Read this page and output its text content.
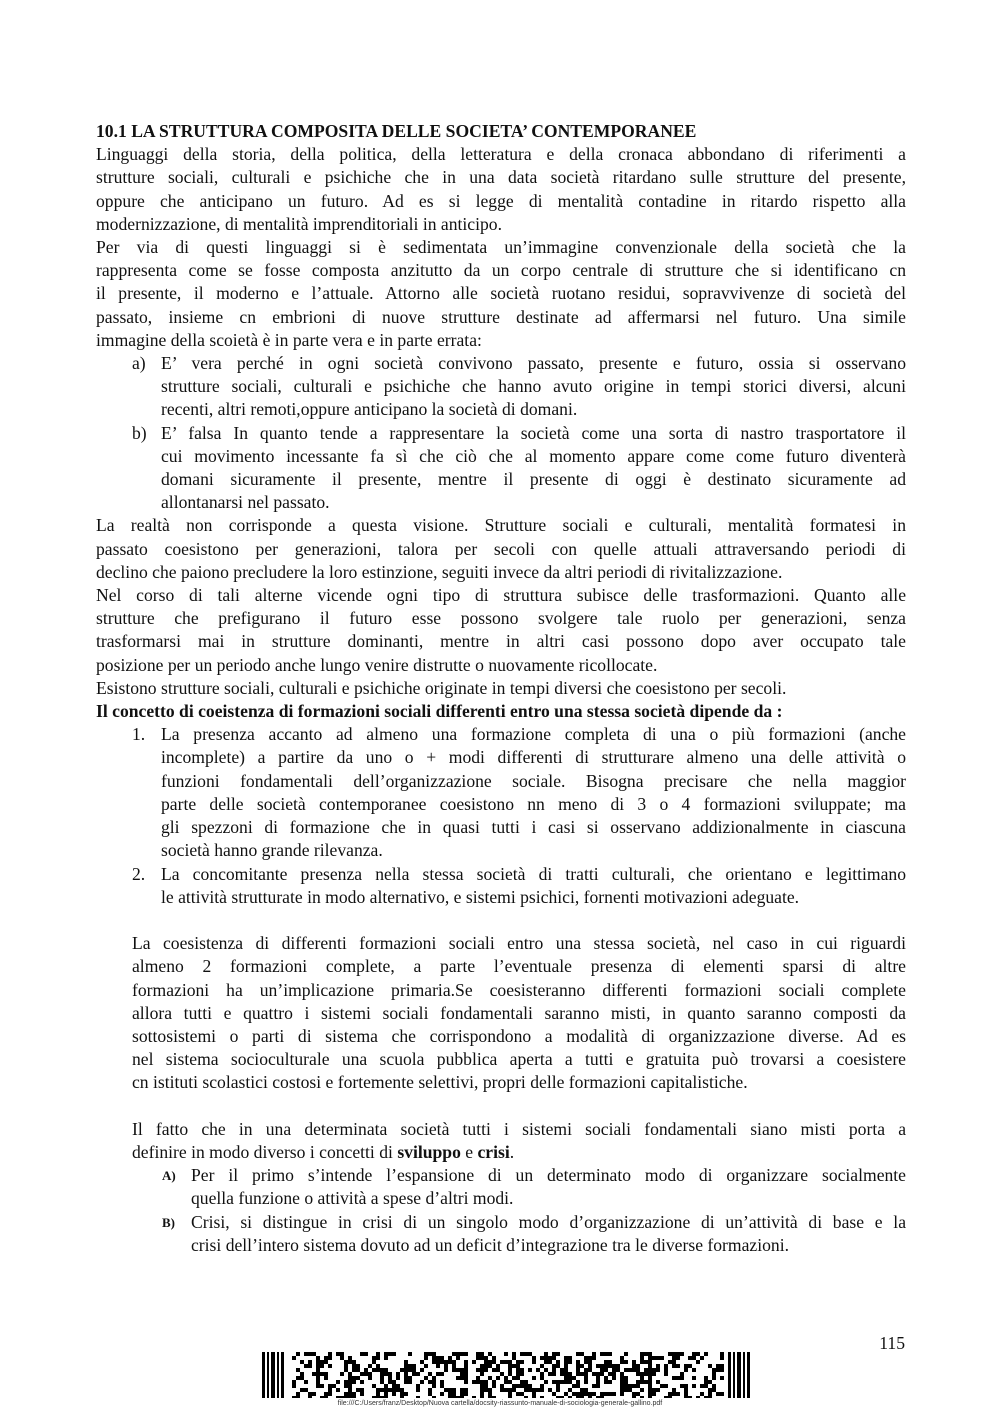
10.1 LA STRUTTURA COMPOSITA DELLE SOCIETA’ CONTEMPORANEE
Linguaggi della storia, della politica, della letteratura e della cronaca abbondano di riferimenti a
strutture sociali, culturali e psichiche che in una data società ritardano sulle strutture del presente,
oppure che anticipano un futuro. Ad es si legge di mentalità contadine in ritardo rispetto alla
modernizzazione, di mentalità imprenditoriali in anticipo.
Per via di questi linguaggi si è sedimentata un’immagine convenzionale della società che la
rappresenta come se fosse composta anzitutto da un corpo centrale di strutture che si identificano cn
il presente, il moderno e l’attuale. Attorno alle società ruotano residui, sopravvivenze di società del
passato, insieme cn embrioni di nuove strutture destinate ad affermarsi nel futuro. Una simile
immagine della scoietà è in parte vera e in parte errata:
a) E’ vera perché in ogni società convivono passato, presente e futuro, ossia si osservano
strutture sociali, culturali e psichiche che hanno avuto origine in tempi storici diversi, alcuni
recenti, altri remoti,oppure anticipano la società di domani.
b) E’ falsa In quanto tende a rappresentare la società come una sorta di nastro trasportatore il
cui movimento incessante fa sì che ciò che al momento appare come come futuro diventerà
domani sicuramente il presente, mentre il presente di oggi è destinato sicuramente ad
allontanarsi nel passato.
La realtà non corrisponde a questa visione. Strutture sociali e culturali, mentalità formatesi in
passato coesistono per generazioni, talora per secoli con quelle attuali attraversando periodi di
declino che paiono precludere la loro estinzione, seguiti invece da altri periodi di rivitalizzazione.
Nel corso di tali alterne vicende ogni tipo di struttura subisce delle trasformazioni. Quanto alle
strutture che prefigurano il futuro esse possono svolgere tale ruolo per generazioni, senza
trasformarsi mai in strutture dominanti, mentre in altri casi possono dopo aver occupato tale
posizione per un periodo anche lungo venire distrutte o nuovamente ricollocate.
Esistono strutture sociali, culturali e psichiche originate in tempi diversi che coesistono per secoli.
Il concetto di coeistenza di formazioni sociali differenti entro una stessa società dipende da :
1. La presenza accanto ad almeno una formazione completa di una o più formazioni (anche
incomplete) a partire da uno o + modi differenti di strutturare almeno una delle attività o
funzioni fondamentali dell’organizzazione sociale. Bisogna precisare che nella maggior
parte delle società contemporanee coesistono nn meno di 3 o 4 formazioni sviluppate; ma
gli spezzoni di formazione che in quasi tutti i casi si osservano addizionalmente in ciascuna
società hanno grande rilevanza.
2. La concomitante presenza nella stessa società di tratti culturali, che orientano e legittimano
le attività strutturate in modo alternativo, e sistemi psichici, fornenti motivazioni adeguate.
La coesistenza di differenti formazioni sociali entro una stessa società, nel caso in cui riguardi
almeno 2 formazioni complete, a parte l’eventuale presenza di elementi sparsi di altre
formazioni ha un’implicazione primaria.Se coesisteranno differenti formazioni sociali complete
allora tutti e quattro i sistemi sociali fondamentali saranno misti, in quanto saranno composti da
sottosistemi o parti di sistema che corrispondono a modalità di organizzazione diverse. Ad es
nel sistema socioculturale una scuola pubblica aperta a tutti e gratuita può trovarsi a coesistere
cn istituti scolastici costosi e fortemente selettivi, propri delle formazioni capitalistiche.
Il fatto che in una determinata società tutti i sistemi sociali fondamentali siano misti porta a
definire in modo diverso i concetti di sviluppo e crisi.
A) Per il primo s’intende l’espansione di un determinato modo di organizzare socialmente
quella funzione o attività a spese d’altri modi.
B) Crisi, si distingue in crisi di un singolo modo d’organizzazione di un’attività di base e la
crisi dell’intero sistema dovuto ad un deficit d’integrazione tra le diverse formazioni.
115
file:///C:/Users/franz/Desktop/Nuova cartella/docsity-riassunto-manuale-di-sociologia-generale-gallino.pdf
